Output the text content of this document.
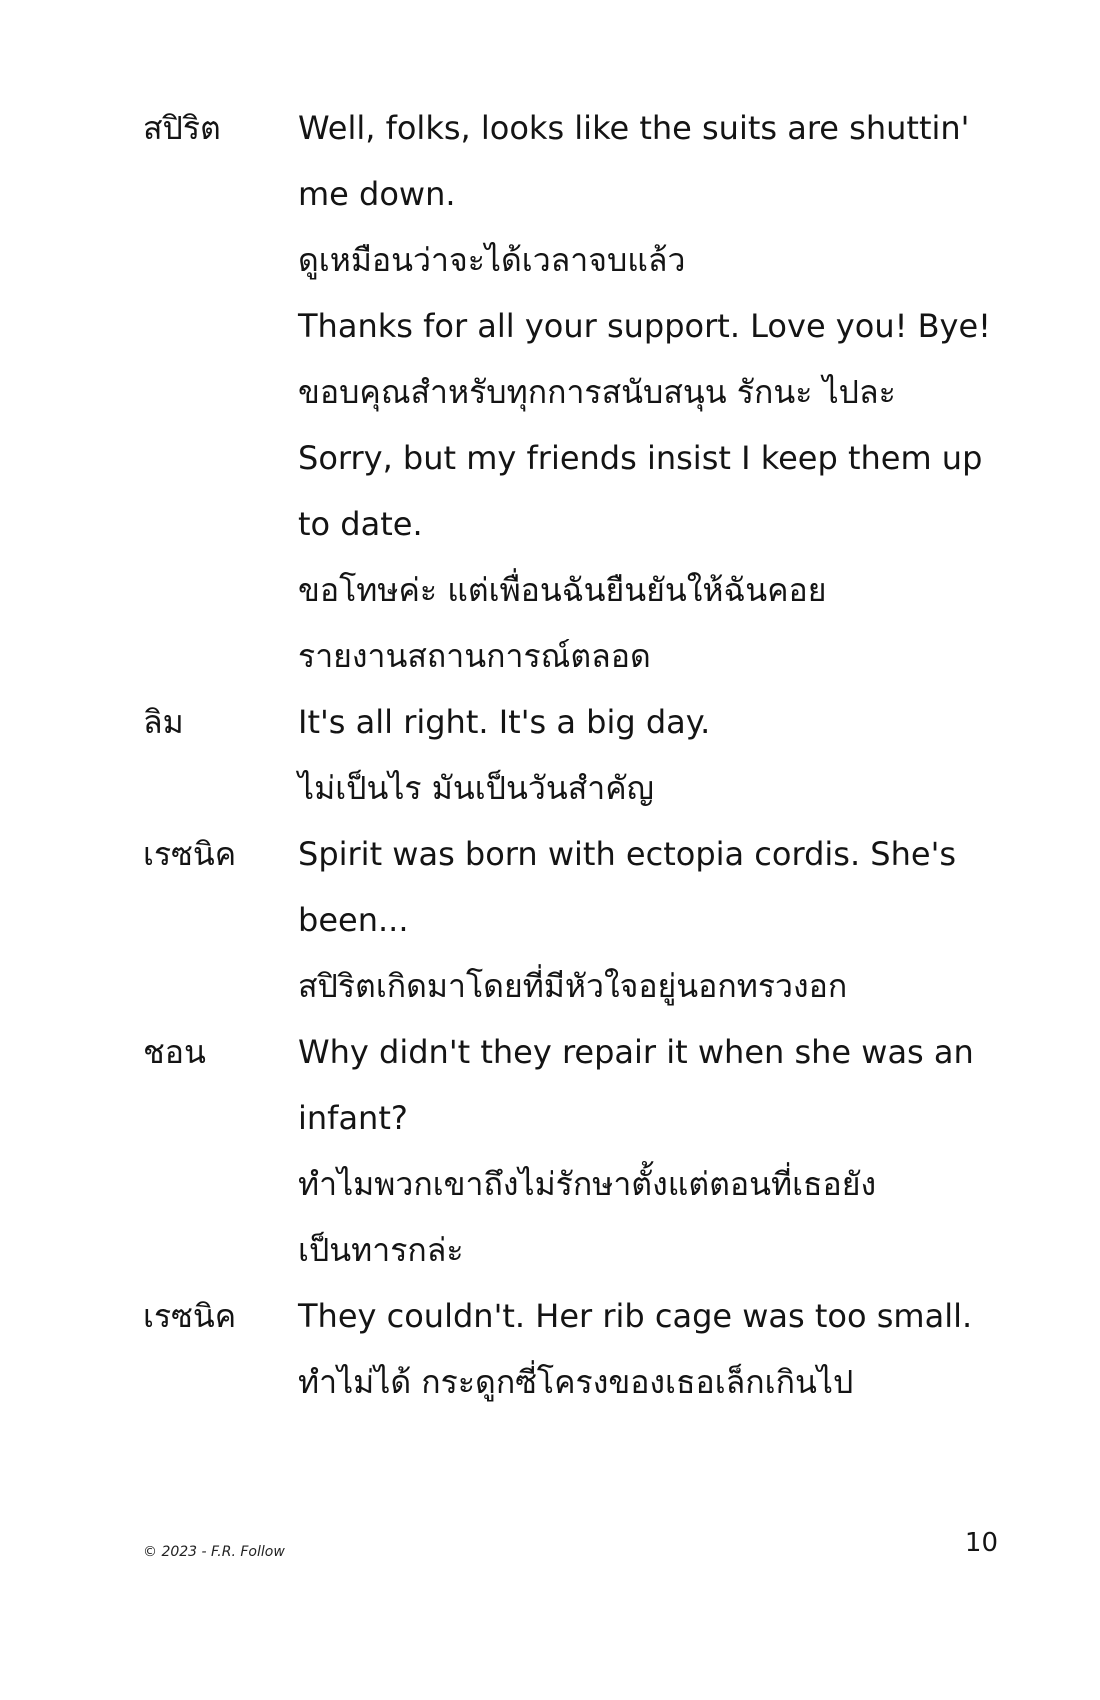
สปิริต	Well, folks, looks like the suits are shuttin'
me down.
ดูเหมือนว่าจะได้เวลาจบแล้ว
Thanks for all your support. Love you! Bye!
ขอบคุณสำหรับทุกการสนับสนุน รักนะ ไปละ
Sorry, but my friends insist I keep them up
to date.
ขอโทษค่ะ แต่เพื่อนฉันยืนยันให้ฉันคอย
รายงานสถานการณ์ตลอด
ลิม	It's all right. It's a big day.
ไม่เป็นไร มันเป็นวันสำคัญ
เรซนิค	Spirit was born with ectopia cordis. She's
been...
สปิริตเกิดมาโดยที่มีหัวใจอยู่นอกทรวงอก
ชอน	Why didn't they repair it when she was an
infant?
ทำไมพวกเขาถึงไม่รักษาตั้งแต่ตอนที่เธอยัง
เป็นทารกล่ะ
เรซนิค	They couldn't. Her rib cage was too small.
ทำไม่ได้ กระดูกซี่โครงของเธอเล็กเกินไป
© 2023 - F.R. Follow	10
